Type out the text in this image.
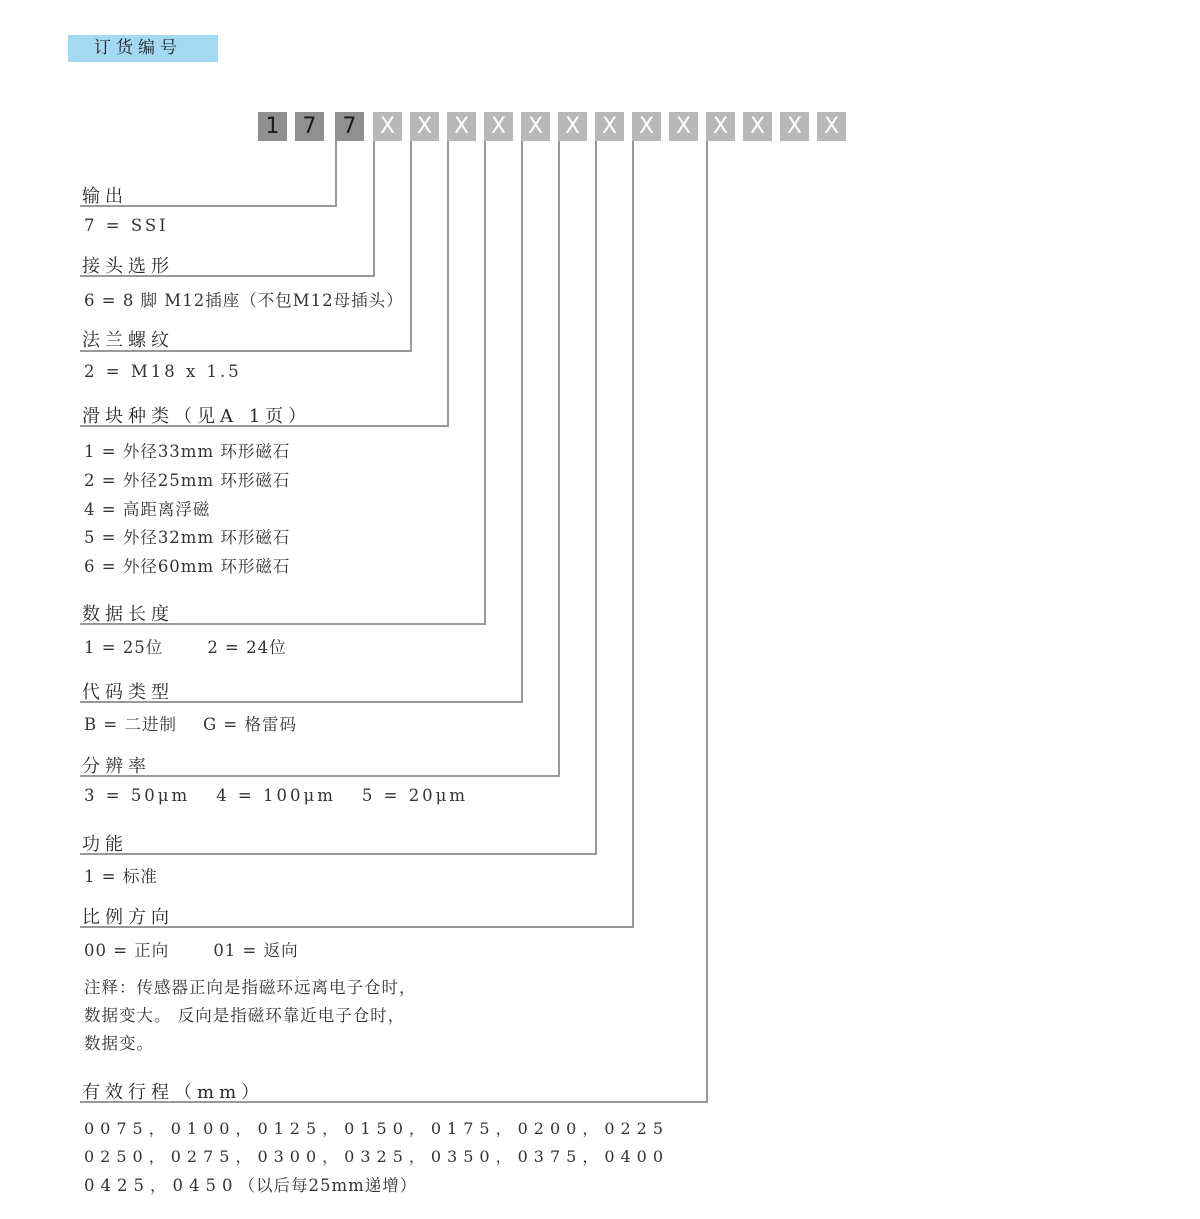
订货编号
1	7	7	X X X X X X X X X X X X X
输出
7 = SSI
接头选形
6 = 8 脚 M12插座（不包M12母插头）
法兰螺纹
2 = M18 x 1.5
滑块种类（见A 1页）
1 = 外径33mm 环形磁石
2 = 外径25mm 环形磁石
4 = 高距离浮磁
5 = 外径32mm 环形磁石
6 = 外径60mm 环形磁石
数据长度
1 = 25位	2 = 24位
代码类型
B = 二进制 G = 格雷码
分辨率
3 = 50μm 4 = 100μm 5 = 20μm
功能
1 = 标准
比例方向
00 = 正向	01 = 返向
注释：传感器正向是指磁环远离电子仓时，
数据变大。 反向是指磁环靠近电子仓时，
数据变。
有效行程（mm）
0075，0100，0125，0150，0175，0200，0225
0250，0275，0300，0325，0350，0375，0400
0425，0450（以后每25mm递增）
